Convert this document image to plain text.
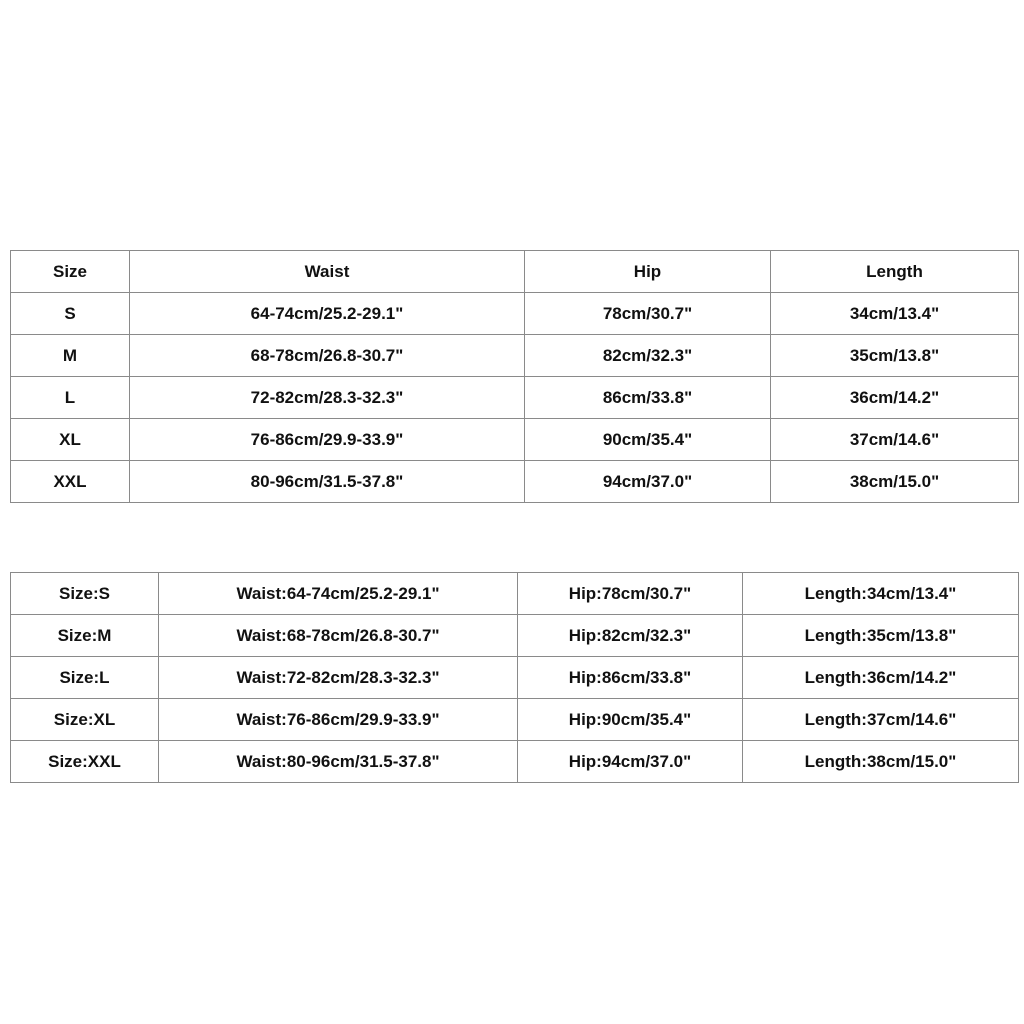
Size	Waist	Hip	Length
S	64-74cm/25.2-29.1"	78cm/30.7"	34cm/13.4"
M	68-78cm/26.8-30.7"	82cm/32.3"	35cm/13.8"
L	72-82cm/28.3-32.3"	86cm/33.8"	36cm/14.2"
XL	76-86cm/29.9-33.9"	90cm/35.4"	37cm/14.6"
XXL	80-96cm/31.5-37.8"	94cm/37.0"	38cm/15.0"
Size:S	Waist:64-74cm/25.2-29.1"	Hip:78cm/30.7"	Length:34cm/13.4"
Size:M	Waist:68-78cm/26.8-30.7"	Hip:82cm/32.3"	Length:35cm/13.8"
Size:L	Waist:72-82cm/28.3-32.3"	Hip:86cm/33.8"	Length:36cm/14.2"
Size:XL	Waist:76-86cm/29.9-33.9"	Hip:90cm/35.4"	Length:37cm/14.6"
Size:XXL	Waist:80-96cm/31.5-37.8"	Hip:94cm/37.0"	Length:38cm/15.0"
